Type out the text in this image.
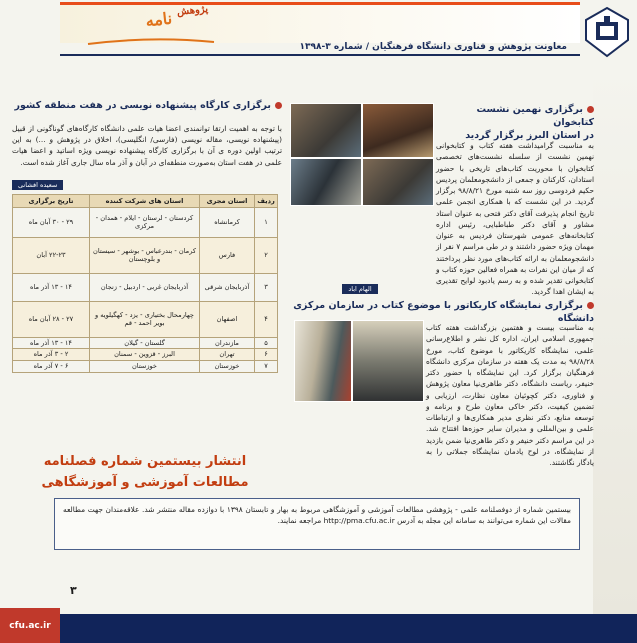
$^{پژوهش}$ نامه
معاونت پژوهش و فناوری دانشگاه فرهنگیان / شماره ۳-۱۳۹۸
برگزاری نهمین نشست کتابخوان
در استان البرز برگزار گردید

به مناسبت گرامیداشت هفته کتاب و کتابخوانی نهمین نشست از سلسله نشست‌های تخصصی کتابخوان با محوریت کتاب‌های تاریخی با حضور استادان، کارکنان و جمعی از دانشجومعلمان پردیس حکیم فردوسی روز سه شنبه مورخ ۹۸/۸/۲۱ برگزار گردید. در این نشست که با همکاری انجمن علمی تاریخ انجام پذیرفت آقای دکتر فتحی به عنوان استاد مشاور و آقای دکتر طباطبایی، رئیس اداره کتابخانه‌های عمومی شهرستان فردیس به عنوان مهمان ویژه حضور داشتند و در طی مراسم ۷ نفر از دانشجومعلمان به ارائه کتاب‌های مورد نظر پرداختند که از میان این نفرات به همراه فعالین حوزه کتاب و کتابخوانی تقدیر شده و به رسم یادبود لوایح تقدیری به ایشان اهدا گردید.

الهام اباد
برگزاری نمایشگاه کاریکاتور با موضوع کتاب در سازمان مرکزی دانشگاه

به مناسبت بیست و هفتمین بزرگداشت هفته کتاب جمهوری اسلامی ایران، اداره کل نشر و اطلاع‌رسانی علمی، نمایشگاه کاریکاتور با موضوع کتاب، مورخ ۹۸/۸/۲۸ به مدت یک هفته در سازمان مرکزی دانشگاه فرهنگیان برگزار کرد. این نمایشگاه با حضور دکتر خنیفر، ریاست دانشگاه، دکتر طاهری‌نیا معاون پژوهش و فناوری، دکتر کچوئیان معاون نظارت، ارزیابی و تضمین کیفیت، دکتر خاکی معاون طرح و برنامه و توسعه منابع، دکتر نظری مدیر همکاری‌ها و ارتباطات علمی و بین‌المللی و مدیران سایر حوزه‌ها افتتاح شد. در این مراسم دکتر خنیفر و دکتر طاهری‌نیا ضمن بازدید از نمایشگاه، در لوح یادمان نمایشگاه جملاتی را به یادگار نگاشتند.

برگزاری کارگاه پیشنهاده نویسی در هفت منطقه کشور

با توجه به اهمیت ارتقا توانمندی اعضا هیات علمی دانشگاه کارگاه‌های گوناگونی از قبیل (پیشنهاده نویسی، مقاله نویسی (فارسی/ انگلیسی)، اخلاق در پژوهش و ...) به این ترتیب اولین دوره ی آن با برگزاری کارگاه پیشنهاده نویسی ویژه اساتید و اعضا هیات علمی در هفت استان به‌صورت منطقه‌ای در آبان و آذر ماه سال جاری آغاز شده است.

سعیده افشانی
ردیف	استان مجری	استان های شرکت کننده	تاریخ برگزاری
۱	کرمانشاه	کردستان - لرستان - ایلام - همدان - مرکزی	۲۹ - ۳۰ آبان ماه
۲	فارس	کرمان - بندرعباس - بوشهر - سیستان و بلوچستان	۲۲-۲۳ آبان
۳	آذربایجان شرقی	آذربایجان غربی - اردبیل - زنجان	۱۴ - ۱۳ آذر ماه
۴	اصفهان	چهارمحال بختیاری - یزد - کهگیلویه و بویر احمد - قم	۲۷ - ۲۸ آبان ماه
۵	مازندران	گلستان - گیلان	۱۴ - ۱۳ آذر ماه
۶	تهران	البرز - قزوین - سمنان	۲ - ۳ آذر ماه
۷	خوزستان	خوزستان	۶ - ۷ آذر ماه
انتشار بیستمین شماره فصلنامه
مطالعات آموزشی و آموزشگاهی
بیستمین شماره از دوفصلنامه علمی - پژوهشی مطالعات آموزشی و آموزشگاهی مربوط به بهار و تابستان ۱۳۹۸ با دوازده مقاله منتشر شد. علاقه‌مندان جهت مطالعه مقالات این شماره می‌توانند به سامانه این مجله به آدرس http://pma.cfu.ac.ir مراجعه نمایند.
۳
cfu.ac.ir
